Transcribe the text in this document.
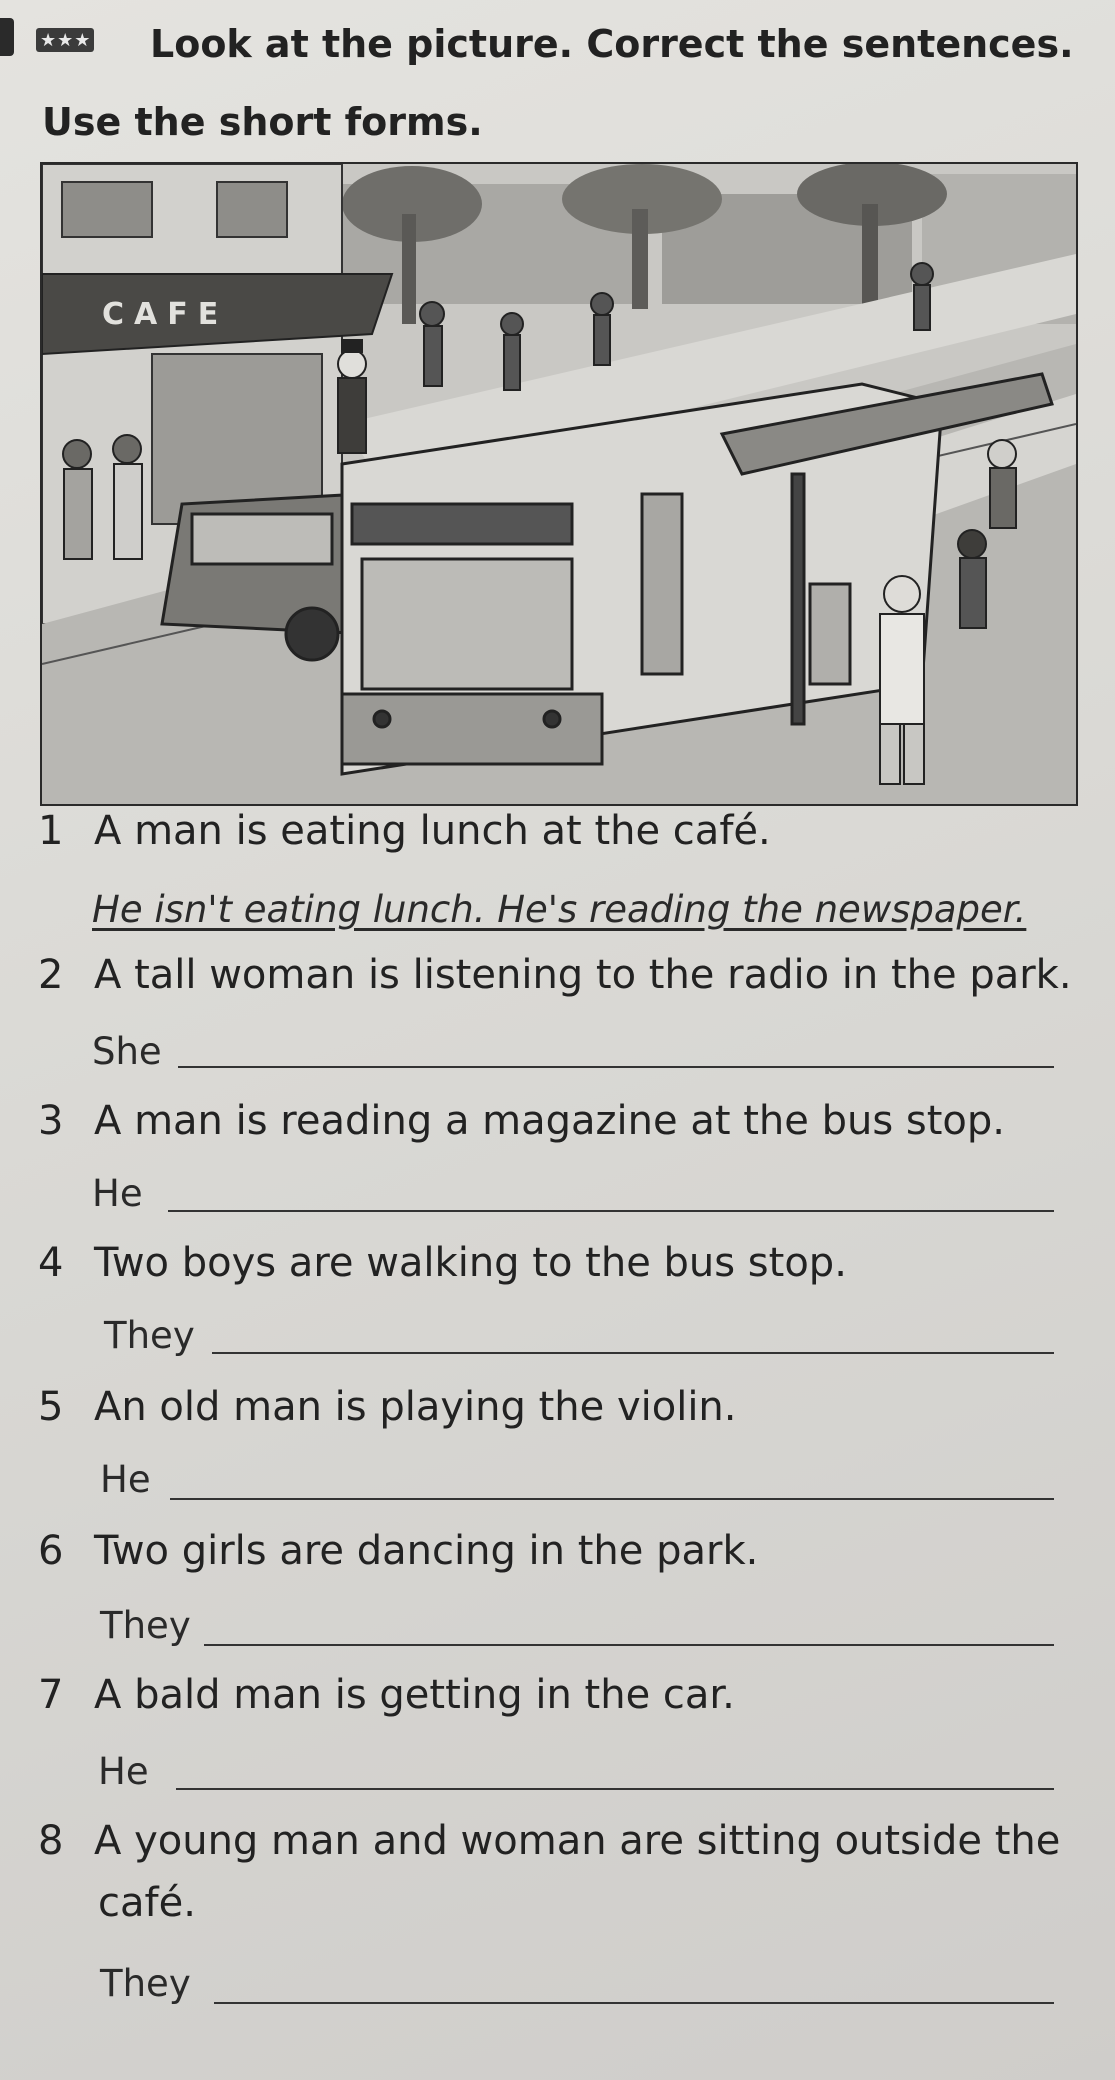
★ ★ ★ Look at the picture. Correct the sentences.
Use the short forms.
CAFE
1 A man is eating lunch at the café.
He isn't eating lunch. He's reading the newspaper.
2 A tall woman is listening to the radio in the park.
She
3 A man is reading a magazine at the bus stop.
He
4 Two boys are walking to the bus stop.
They
5 An old man is playing the violin.
He
6 Two girls are dancing in the park.
They
7 A bald man is getting in the car.
He
8 A young man and woman are sitting outside the
café.
They
